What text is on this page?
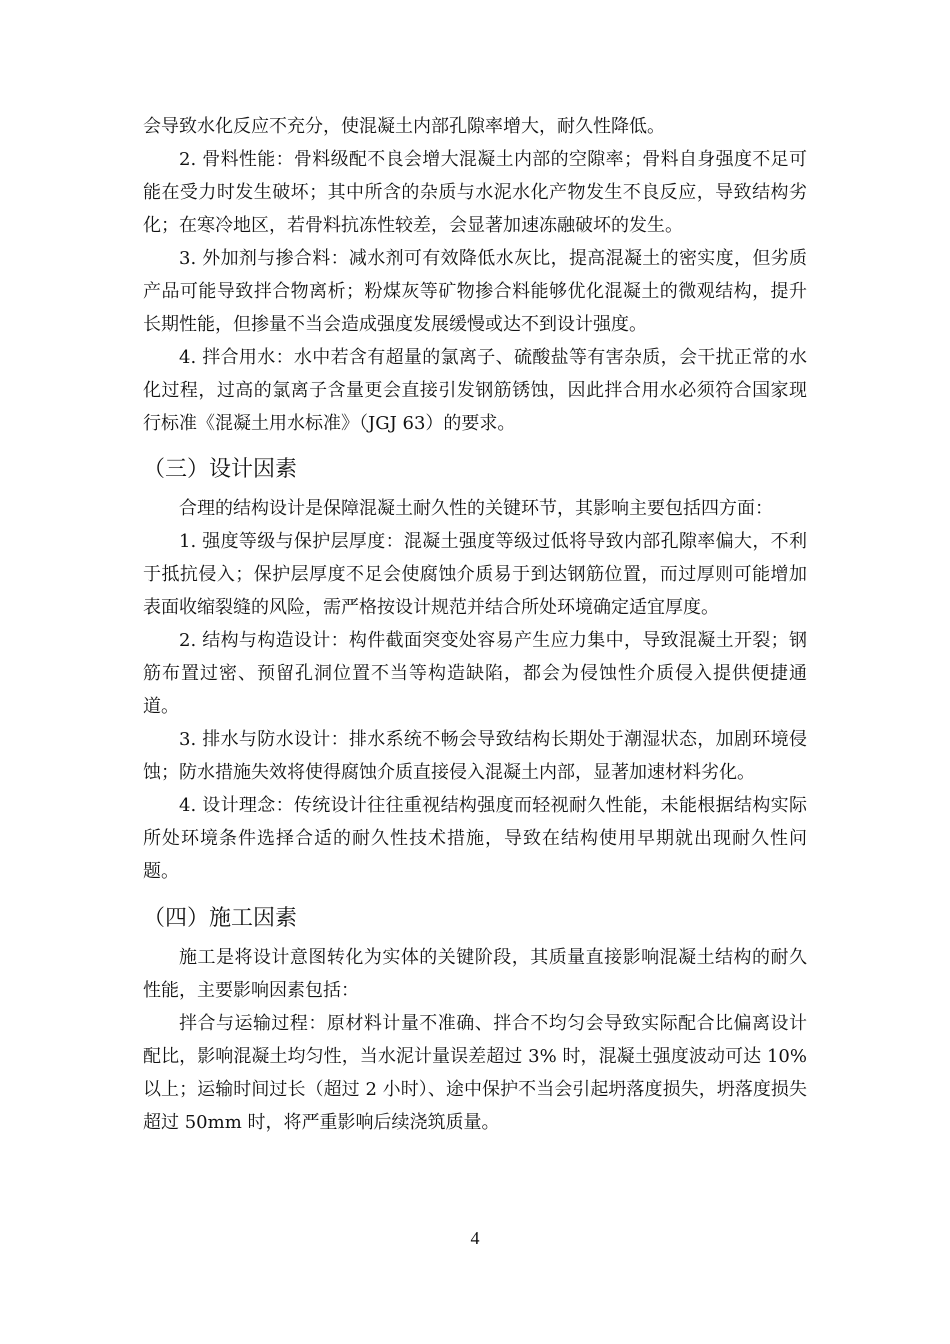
会导致水化反应不充分，使混凝土内部孔隙率增大，耐久性降低。

2. 骨料性能：骨料级配不良会增大混凝土内部的空隙率；骨料自身强度不足可能在受力时发生破坏；其中所含的杂质与水泥水化产物发生不良反应，导致结构劣化；在寒冷地区，若骨料抗冻性较差，会显著加速冻融破坏的发生。

3. 外加剂与掺合料：减水剂可有效降低水灰比，提高混凝土的密实度，但劣质产品可能导致拌合物离析；粉煤灰等矿物掺合料能够优化混凝土的微观结构，提升长期性能，但掺量不当会造成强度发展缓慢或达不到设计强度。

4. 拌合用水：水中若含有超量的氯离子、硫酸盐等有害杂质，会干扰正常的水化过程，过高的氯离子含量更会直接引发钢筋锈蚀，因此拌合用水必须符合国家现行标准《混凝土用水标准》（JGJ 63）的要求。

（三）设计因素

合理的结构设计是保障混凝土耐久性的关键环节，其影响主要包括四方面：

1. 强度等级与保护层厚度：混凝土强度等级过低将导致内部孔隙率偏大，不利于抵抗侵入；保护层厚度不足会使腐蚀介质易于到达钢筋位置，而过厚则可能增加表面收缩裂缝的风险，需严格按设计规范并结合所处环境确定适宜厚度。

2. 结构与构造设计：构件截面突变处容易产生应力集中，导致混凝土开裂；钢筋布置过密、预留孔洞位置不当等构造缺陷，都会为侵蚀性介质侵入提供便捷通道。

3. 排水与防水设计：排水系统不畅会导致结构长期处于潮湿状态，加剧环境侵蚀；防水措施失效将使得腐蚀介质直接侵入混凝土内部，显著加速材料劣化。

4. 设计理念：传统设计往往重视结构强度而轻视耐久性能，未能根据结构实际所处环境条件选择合适的耐久性技术措施，导致在结构使用早期就出现耐久性问题。

（四）施工因素

施工是将设计意图转化为实体的关键阶段，其质量直接影响混凝土结构的耐久性能，主要影响因素包括：

拌合与运输过程：原材料计量不准确、拌合不均匀会导致实际配合比偏离设计配比，影响混凝土均匀性，当水泥计量误差超过 3% 时，混凝土强度波动可达 10% 以上；运输时间过长（超过 2 小时）、途中保护不当会引起坍落度损失，坍落度损失超过 50mm 时，将严重影响后续浇筑质量。

4
